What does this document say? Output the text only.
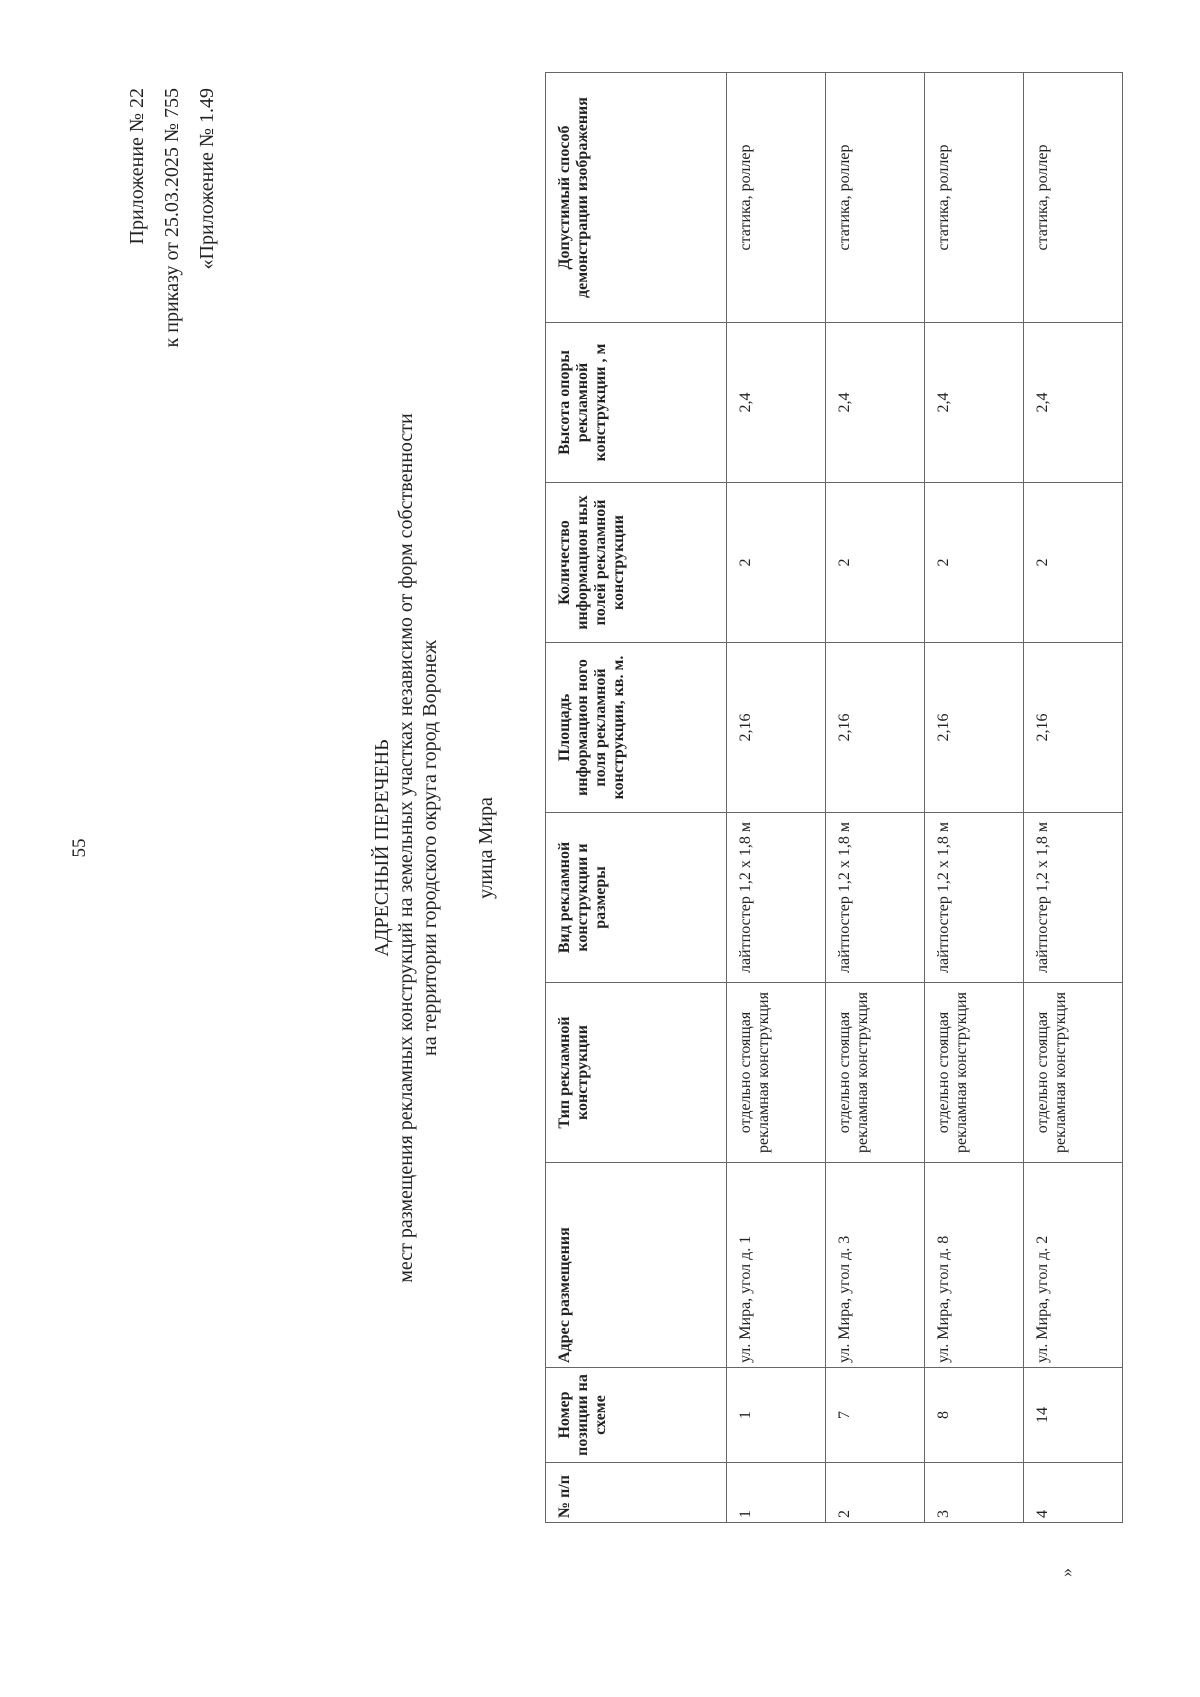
55
Приложение № 22 к приказу от 25.03.2025 № 755 «Приложение № 1.49
АДРЕСНЫЙ ПЕРЕЧЕНЬ мест размещения рекламных конструкций на земельных участках независимо от форм собственности на территории городского округа город Воронеж улица Мира
№ п/п	Номер позиции на схеме	Адрес размещения	Тип рекламной конструкции	Вид рекламной конструкции и размеры	Площадь информацион ного поля рекламной конструкции, кв. м.	Количество информацион ных полей рекламной конструкции	Высота опоры рекламной конструкции , м	Допустимый способ демонстрации изображения
1	1	ул. Мира, угол д. 1	отдельно стоящая рекламная конструкция	лайтпостер 1,2 х 1,8 м	2,16	2	2,4	статика, роллер
2	7	ул. Мира, угол д. 3	отдельно стоящая рекламная конструкция	лайтпостер 1,2 х 1,8 м	2,16	2	2,4	статика, роллер
3	8	ул. Мира, угол д. 8	отдельно стоящая рекламная конструкция	лайтпостер 1,2 х 1,8 м	2,16	2	2,4	статика, роллер
4	14	ул. Мира, угол д. 2	отдельно стоящая рекламная конструкция	лайтпостер 1,2 х 1,8 м	2,16	2	2,4	статика, роллер
»
